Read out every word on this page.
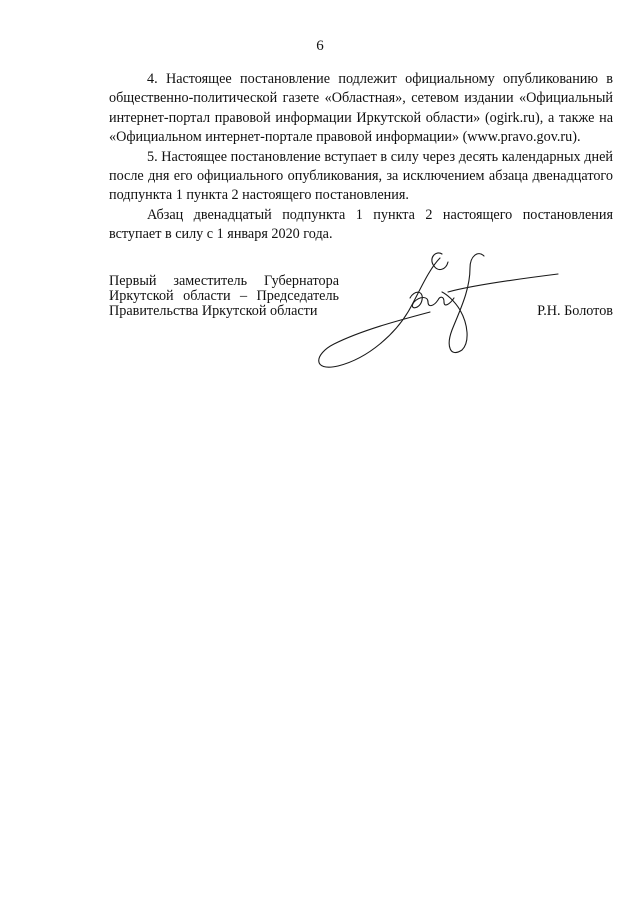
6

4. Настоящее постановление подлежит официальному опубликованию в общественно-политической газете «Областная», сетевом издании «Официальный интернет-портал правовой информации Иркутской области» (ogirk.ru), а также на «Официальном интернет-портале правовой информации» (www.pravo.gov.ru).

5. Настоящее постановление вступает в силу через десять календарных дней после дня его официального опубликования, за исключением абзаца двенадцатого подпункта 1 пункта 2 настоящего постановления.

Абзац двенадцатый подпункта 1 пункта 2 настоящего постановления вступает в силу с 1 января 2020 года.

Первый заместитель Губернатора
Иркутской области – Председатель
Правительства Иркутской области	Р.Н. Болотов
